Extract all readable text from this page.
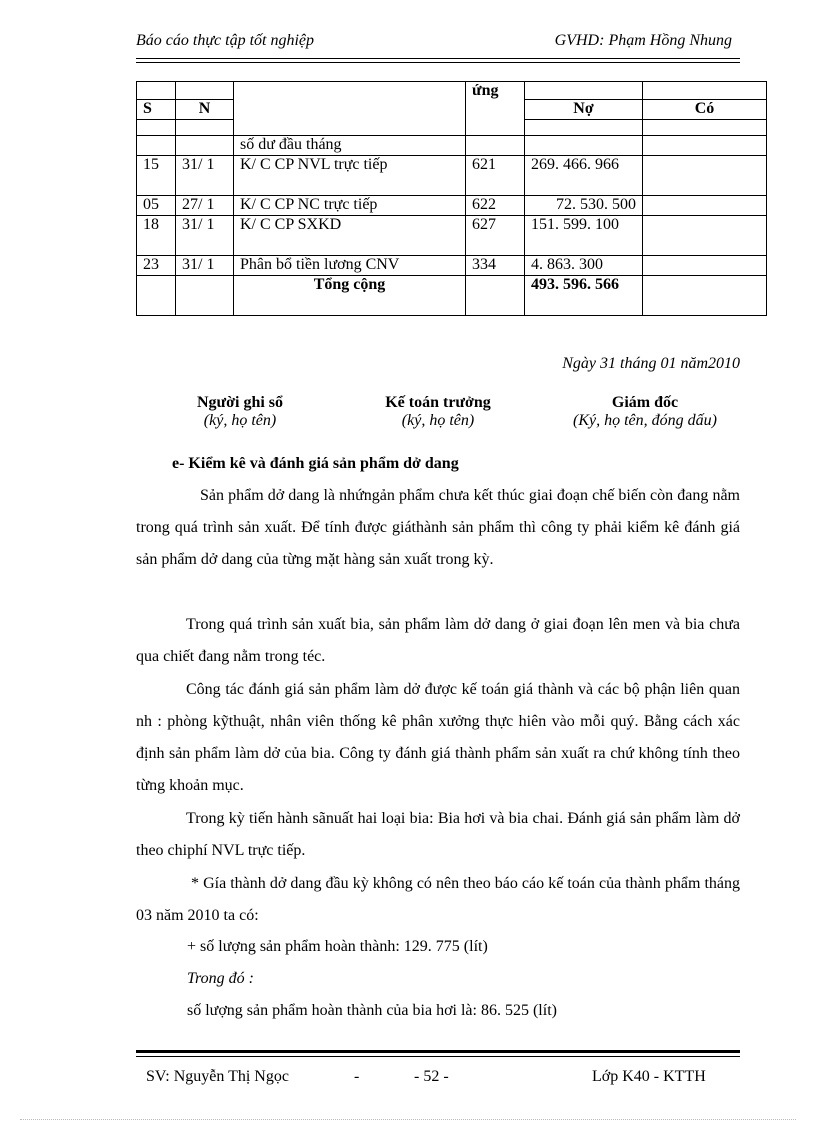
Báo cáo thực tập tốt nghiệp	GVHD: Phạm Hồng Nhung
			ứng		
S	N			Nợ	Có

		số dư đầu tháng			
15	31/ 1	K/ C CP NVL trực tiếp	621	269. 466. 966	
05	27/ 1	K/ C CP NC trực tiếp	622	72. 530. 500	
18	31/ 1	K/ C CP SXKD	627	151. 599. 100	
23	31/ 1	Phân bổ tiền lương CNV	334	4. 863. 300	
		Tổng cộng		493. 596. 566	
Ngày 31 tháng 01 năm2010
Người ghi sổ
(ký, họ tên)
Kế toán trưởng
(ký, họ tên)
Giám đốc
(Ký, họ tên, đóng dấu)
e- Kiểm kê và đánh giá sản phẩm dở dang
Sản phẩm dở dang là nhứngản phẩm chưa kết thúc giai đoạn chế biến còn đang nằm trong quá trình sản xuất. Để tính được giáthành sản phẩm thì công ty phải kiểm kê đánh giá sản phẩm dở dang của từng mặt hàng sản xuất trong kỳ.
Trong quá trình sản xuất bia, sản phẩm làm dở dang ở giai đoạn lên men và bia chưa qua chiết đang nằm trong téc.
Công tác đánh giá sản phẩm làm dở được kế toán giá thành và các bộ phận liên quan nh : phòng kỹthuật, nhân viên thống kê phân xưởng thực hiên vào mỗi quý. Bằng cách xác định sản phẩm làm dở của bia. Công ty đánh giá thành phẩm sản xuất ra chứ không tính theo từng khoản mục.
Trong kỳ tiến hành sãnuất hai loại bia: Bia hơi và bia chai. Đánh giá sản phẩm làm dở theo chiphí NVL trực tiếp.
* Gía thành dở dang đầu kỳ không có nên theo báo cáo kế toán của thành phẩm tháng 03 năm 2010 ta có:
+ số lượng sản phẩm hoàn thành: 129. 775 (lít)
Trong đó :
số lượng sản phẩm hoàn thành của bia hơi là: 86. 525 (lít)
SV: Nguyễn Thị Ngọc	-	- 52 -	Lớp K40 - KTTH
